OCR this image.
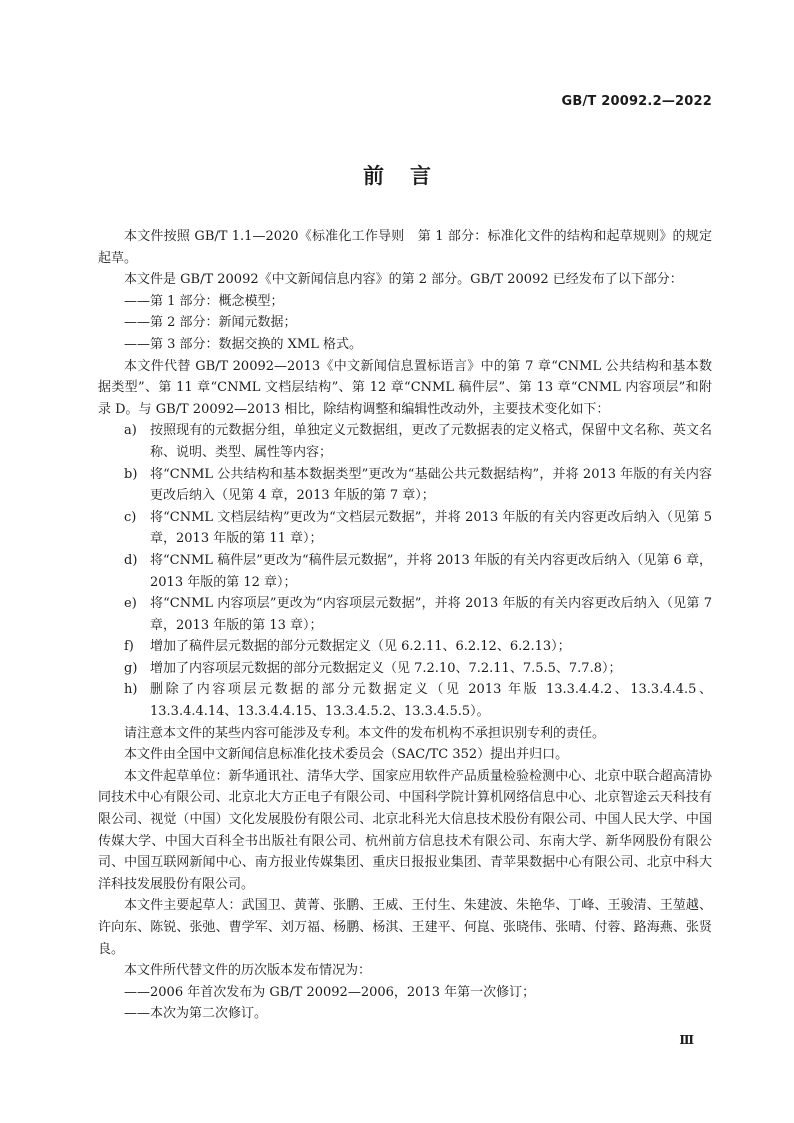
GB/T 20092.2—2022
前言

本文件按照 GB/T 1.1—2020《标准化工作导则　第 1 部分：标准化文件的结构和起草规则》的规定起草。

本文件是 GB/T 20092《中文新闻信息内容》的第 2 部分。GB/T 20092 已经发布了以下部分：

——第 1 部分：概念模型；

——第 2 部分：新闻元数据；

——第 3 部分：数据交换的 XML 格式。

本文件代替 GB/T 20092—2013《中文新闻信息置标语言》中的第 7 章“CNML 公共结构和基本数据类型”、第 11 章“CNML 文档层结构”、第 12 章“CNML 稿件层”、第 13 章“CNML 内容项层”和附录 D。与 GB/T 20092—2013 相比，除结构调整和编辑性改动外，主要技术变化如下：

a)	按照现有的元数据分组，单独定义元数据组，更改了元数据表的定义格式，保留中文名称、英文名称、说明、类型、属性等内容；
b) 将“CNML 公共结构和基本数据类型”更改为“基础公共元数据结构”，并将 2013 年版的有关内容更改后纳入（见第 4 章，2013 年版的第 7 章）；
c)	将“CNML 文档层结构”更改为“文档层元数据”，并将 2013 年版的有关内容更改后纳入（见第 5 章，2013 年版的第 11 章）；
d) 将“CNML 稿件层”更改为“稿件层元数据”，并将 2013 年版的有关内容更改后纳入（见第 6 章，2013 年版的第 12 章）；
e)	将“CNML 内容项层”更改为“内容项层元数据”，并将 2013 年版的有关内容更改后纳入（见第 7 章，2013 年版的第 13 章）；
f)	增加了稿件层元数据的部分元数据定义（见 6.2.11、6.2.12、6.2.13）；
g) 增加了内容项层元数据的部分元数据定义（见 7.2.10、7.2.11、7.5.5、7.7.8）；
h) 删除了内容项层元数据的部分元数据定义（见 2013 年版 13.3.4.4.2、13.3.4.4.5、13.3.4.4.14、13.3.4.4.15、13.3.4.5.2、13.3.4.5.5）。

请注意本文件的某些内容可能涉及专利。本文件的发布机构不承担识别专利的责任。

本文件由全国中文新闻信息标准化技术委员会（SAC/TC 352）提出并归口。

本文件起草单位：新华通讯社、清华大学、国家应用软件产品质量检验检测中心、北京中联合超高清协同技术中心有限公司、北京北大方正电子有限公司、中国科学院计算机网络信息中心、北京智途云天科技有限公司、视觉（中国）文化发展股份有限公司、北京北科光大信息技术股份有限公司、中国人民大学、中国传媒大学、中国大百科全书出版社有限公司、杭州前方信息技术有限公司、东南大学、新华网股份有限公司、中国互联网新闻中心、南方报业传媒集团、重庆日报报业集团、青苹果数据中心有限公司、北京中科大洋科技发展股份有限公司。

本文件主要起草人：武国卫、黄菁、张鹏、王威、王付生、朱建波、朱艳华、丁峰、王骏清、王堃越、许向东、陈锐、张弛、曹学军、刘万福、杨鹏、杨淇、王建平、何崑、张晓伟、张晴、付蓉、路海燕、张贤良。

本文件所代替文件的历次版本发布情况为：

——2006 年首次发布为 GB/T 20092—2006，2013 年第一次修订；

——本次为第二次修订。

Ⅲ
